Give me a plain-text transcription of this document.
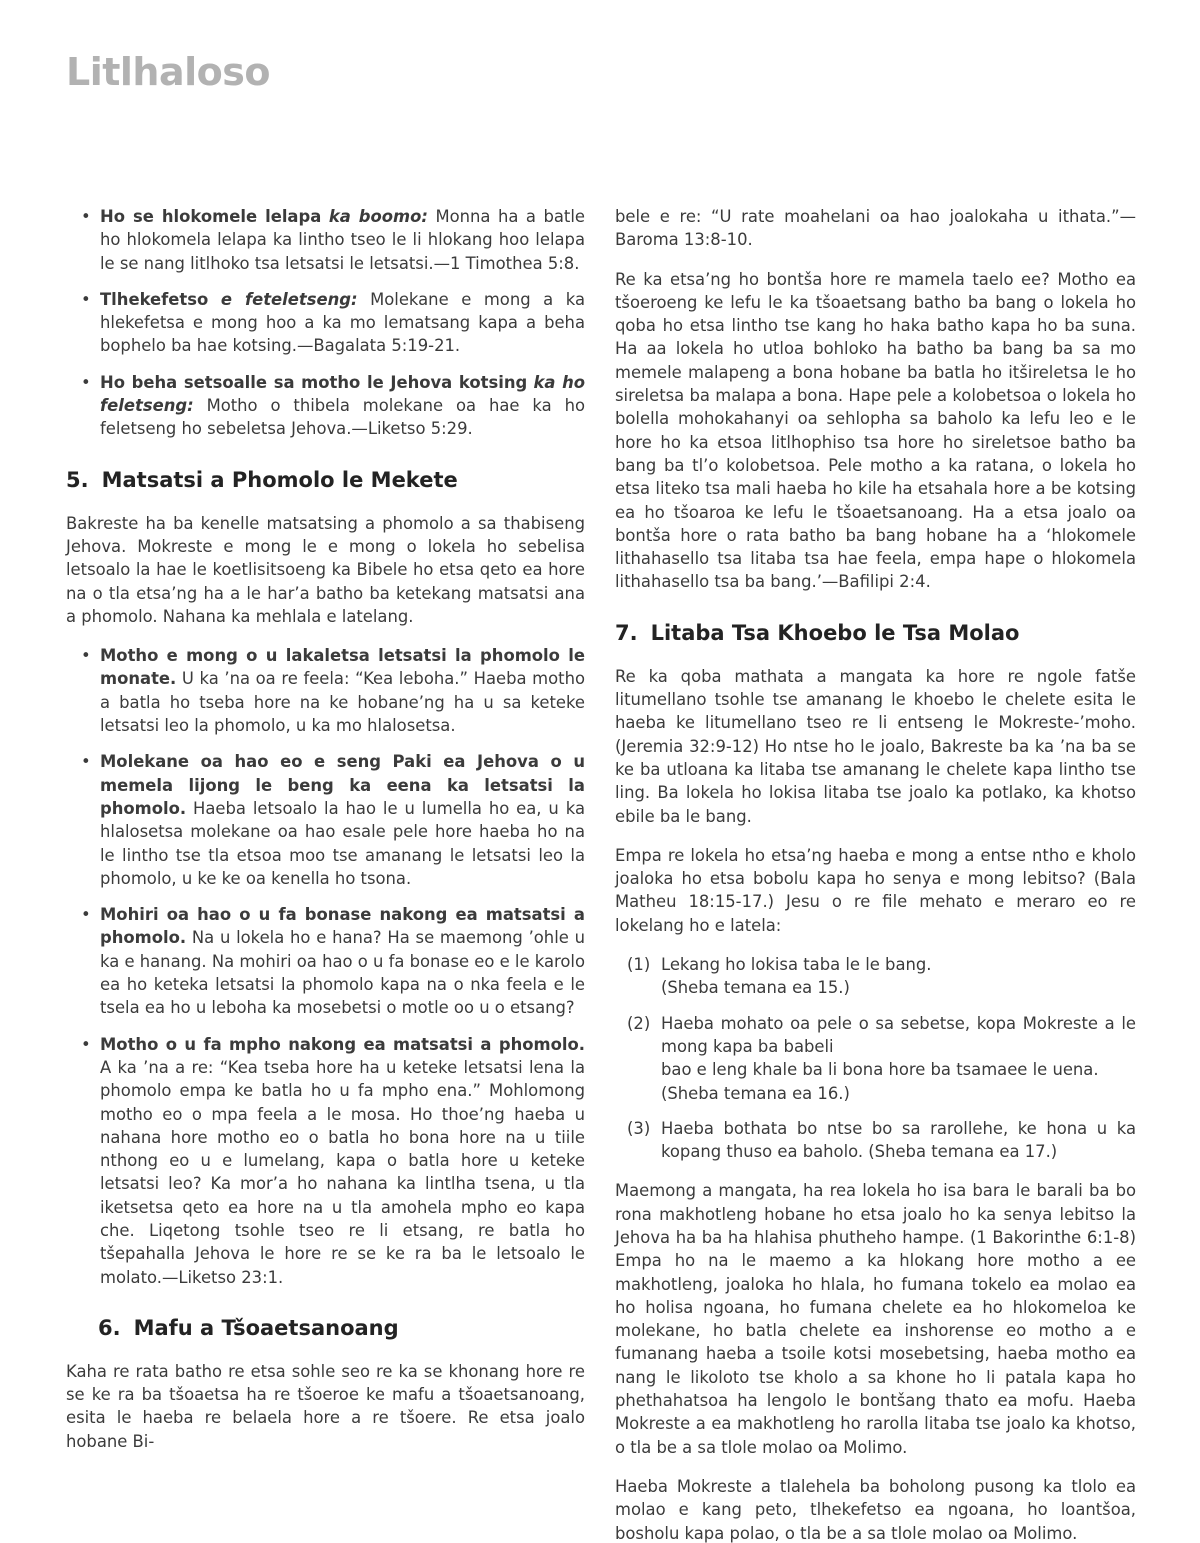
Litlhaloso
• Ho se hlokomele lelapa ka boomo: Monna ha a batle ho hlokomela lelapa ka lintho tseo le li hlokang hoo lelapa le se nang litlhoko tsa letsatsi le letsatsi.—1 Timothea 5:8.
• Tlhekefetso e feteletseng: Molekane e mong a ka hlekefetsa e mong hoo a ka mo lematsang kapa a beha bophelo ba hae kotsing.—Bagalata 5:19-21.
• Ho beha setsoalle sa motho le Jehova kotsing ka ho feletseng: Motho o thibela molekane oa hae ka ho feletseng ho sebeletsa Jehova.—Liketso 5:29.
5. Matsatsi a Phomolo le Mekete

Bakreste ha ba kenelle matsatsing a phomolo a sa thabiseng Jehova. Mokreste e mong le e mong o lokela ho sebelisa letsoalo la hae le koetlisitsoeng ka Bibele ho etsa qeto ea hore na o tla etsa’ng ha a le har’a batho ba ketekang matsatsi ana a phomolo. Nahana ka mehlala e latelang.

• Motho e mong o u lakaletsa letsatsi la phomolo le monate. U ka ’na oa re feela: “Kea leboha.” Haeba motho a batla ho tseba hore na ke hobane’ng ha u sa keteke letsatsi leo la phomolo, u ka mo hlalosetsa.
• Molekane oa hao eo e seng Paki ea Jehova o u memela lijong le beng ka eena ka letsatsi la phomolo. Haeba letsoalo la hao le u lumella ho ea, u ka hlalosetsa molekane oa hao esale pele hore haeba ho na le lintho tse tla etsoa moo tse amanang le letsatsi leo la phomolo, u ke ke oa kenella ho tsona.
• Mohiri oa hao o u fa bonase nakong ea matsatsi a phomolo. Na u lokela ho e hana? Ha se maemong ’ohle u ka e hanang. Na mohiri oa hao o u fa bonase eo e le karolo ea ho keteka letsatsi la phomolo kapa na o nka feela e le tsela ea ho u leboha ka mosebetsi o motle oo u o etsang?
• Motho o u fa mpho nakong ea matsatsi a phomolo. A ka ’na a re: “Kea tseba hore ha u keteke letsatsi lena la phomolo empa ke batla ho u fa mpho ena.” Mohlomong motho eo o mpa feela a le mosa. Ho thoe’ng haeba u nahana hore motho eo o batla ho bona hore na u tiile nthong eo u e lumelang, kapa o batla hore u keteke letsatsi leo? Ka mor’a ho nahana ka lintlha tsena, u tla iketsetsa qeto ea hore na u tla amohela mpho eo kapa che. Liqetong tsohle tseo re li etsang, re batla ho tšepahalla Jehova le hore re se ke ra ba le letsoalo le molato.—Liketso 23:1.
6. Mafu a Tšoaetsanoang

Kaha re rata batho re etsa sohle seo re ka se khonang hore re se ke ra ba tšoaetsa ha re tšoeroe ke mafu a tšoaetsanoang, esita le haeba re belaela hore a re tšoere. Re etsa joalo hobane Bi-

bele e re: “U rate moahelani oa hao joalokaha u ithata.”—Baroma 13:8-10.

Re ka etsa’ng ho bontša hore re mamela taelo ee? Motho ea tšoeroeng ke lefu le ka tšoaetsang batho ba bang o lokela ho qoba ho etsa lintho tse kang ho haka batho kapa ho ba suna. Ha aa lokela ho utloa bohloko ha batho ba bang ba sa mo memele malapeng a bona hobane ba batla ho itšireletsa le ho sireletsa ba malapa a bona. Hape pele a kolobetsoa o lokela ho bolella mohokahanyi oa sehlopha sa baholo ka lefu leo e le hore ho ka etsoa litlhophiso tsa hore ho sireletsoe batho ba bang ba tl’o kolobetsoa. Pele motho a ka ratana, o lokela ho etsa liteko tsa mali haeba ho kile ha etsahala hore a be kotsing ea ho tšoaroa ke lefu le tšoaetsanoang. Ha a etsa joalo oa bontša hore o rata batho ba bang hobane ha a ‘hlokomele lithahasello tsa litaba tsa hae feela, empa hape o hlokomela lithahasello tsa ba bang.’—Bafilipi 2:4.

7. Litaba Tsa Khoebo le Tsa Molao

Re ka qoba mathata a mangata ka hore re ngole fatše litumellano tsohle tse amanang le khoebo le chelete esita le haeba ke litumellano tseo re li entseng le Mokreste-’moho. (Jeremia 32:9-12) Ho ntse ho le joalo, Bakreste ba ka ’na ba se ke ba utloana ka litaba tse amanang le chelete kapa lintho tse ling. Ba lokela ho lokisa litaba tse joalo ka potlako, ka khotso ebile ba le bang.

Empa re lokela ho etsa’ng haeba e mong a entse ntho e kholo joaloka ho etsa bobolu kapa ho senya e mong lebitso? (Bala Matheu 18:15-17.) Jesu o re file mehato e meraro eo re lokelang ho e latela:

(1) Lekang ho lokisa taba le le bang.
(Sheba temana ea 15.)
(2) Haeba mohato oa pele o sa sebetse, kopa Mokreste a le mong kapa ba babeli
bao e leng khale ba li bona hore ba tsamaee le uena.
(Sheba temana ea 16.)
(3) Haeba bothata bo ntse bo sa rarollehe, ke hona u ka kopang thuso ea baholo. (Sheba temana ea 17.)

Maemong a mangata, ha rea lokela ho isa bara le barali ba bo rona makhotleng hobane ho etsa joalo ho ka senya lebitso la Jehova ha ba ha hlahisa phutheho hampe. (1 Bakorinthe 6:1-8) Empa ho na le maemo a ka hlokang hore motho a ee makhotleng, joaloka ho hlala, ho fumana tokelo ea molao ea ho holisa ngoana, ho fumana chelete ea ho hlokomeloa ke molekane, ho batla chelete ea inshorense eo motho a e fumanang haeba a tsoile kotsi mosebetsing, haeba motho ea nang le likoloto tse kholo a sa khone ho li patala kapa ho phethahatsoa ha lengolo le bontšang thato ea mofu. Haeba Mokreste a ea makhotleng ho rarolla litaba tse joalo ka khotso, o tla be a sa tlole molao oa Molimo.

Haeba Mokreste a tlalehela ba boholong pusong ka tlolo ea molao e kang peto, tlhekefetso ea ngoana, ho loantšoa, bosholu kapa polao, o tla be a sa tlole molao oa Molimo.
